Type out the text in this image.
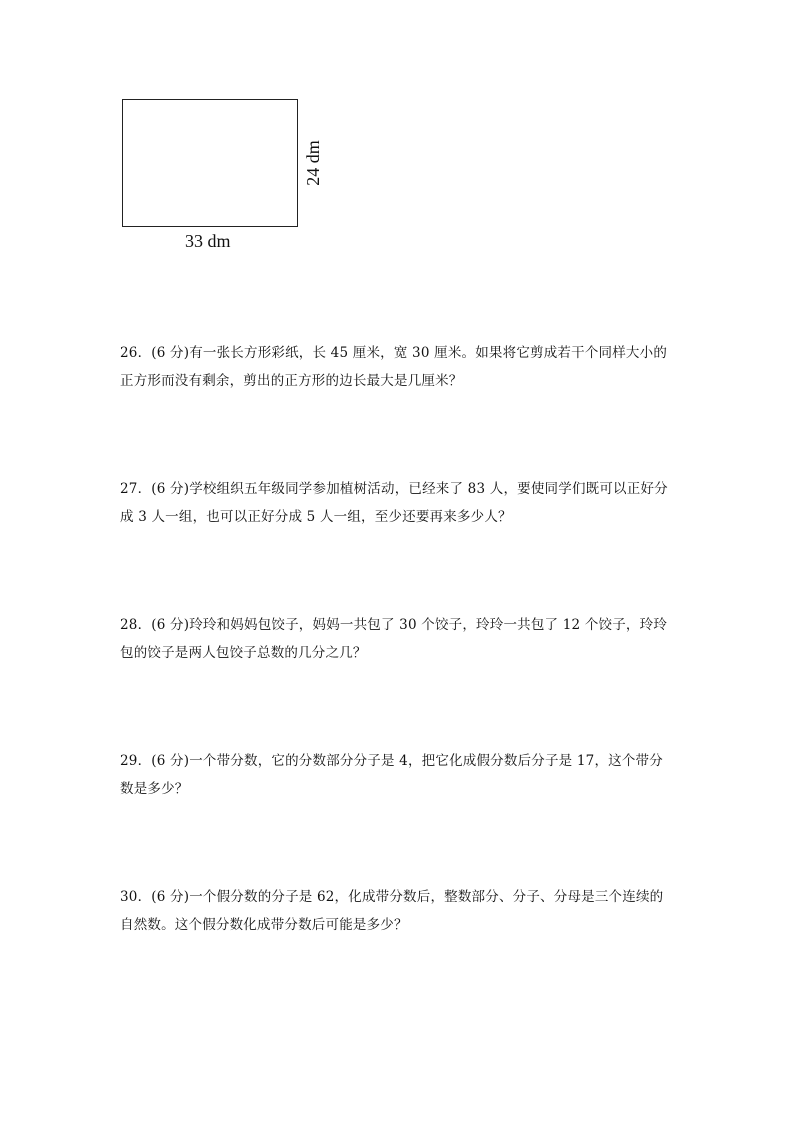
24 dm
33 dm

26．(6 分)有一张长方形彩纸，长 45 厘米，宽 30 厘米。如果将它剪成若干个同样大小的

正方形而没有剩余，剪出的正方形的边长最大是几厘米？

27．(6 分)学校组织五年级同学参加植树活动，已经来了 83 人，要使同学们既可以正好分

成 3 人一组，也可以正好分成 5 人一组，至少还要再来多少人？

28．(6 分)玲玲和妈妈包饺子，妈妈一共包了 30 个饺子，玲玲一共包了 12 个饺子，玲玲

包的饺子是两人包饺子总数的几分之几？

29．(6 分)一个带分数，它的分数部分分子是 4，把它化成假分数后分子是 17，这个带分

数是多少？

30．(6 分)一个假分数的分子是 62，化成带分数后，整数部分、分子、分母是三个连续的

自然数。这个假分数化成带分数后可能是多少？
